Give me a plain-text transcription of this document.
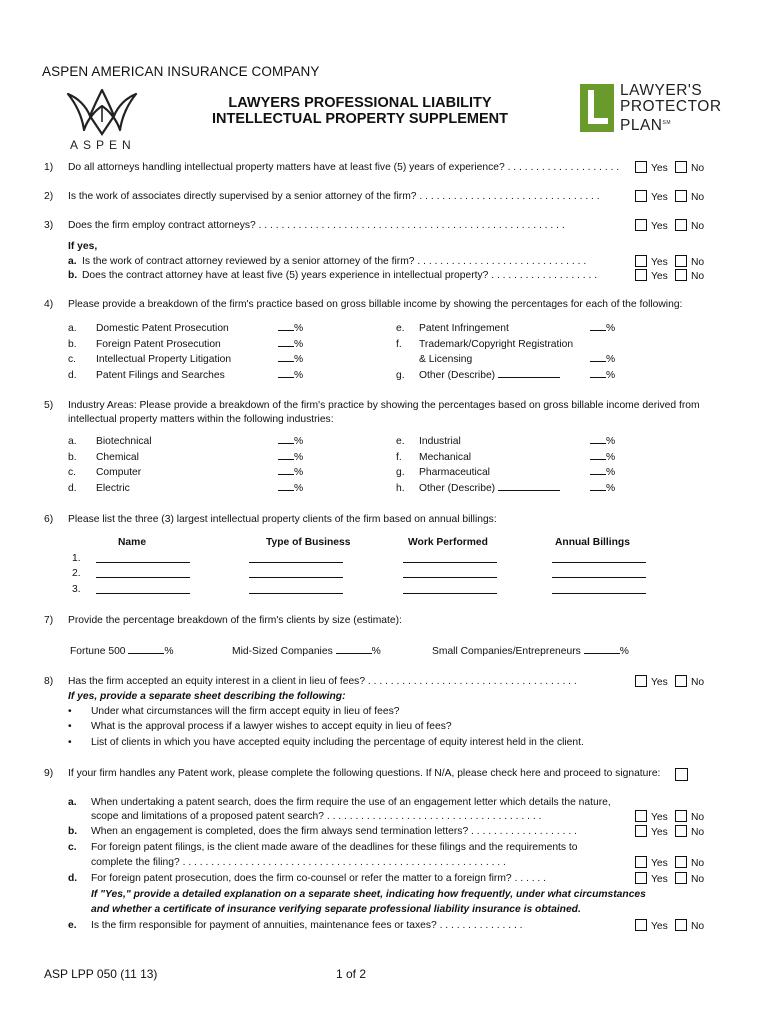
ASPEN AMERICAN INSURANCE COMPANY
ASPEN
LAWYERS PROFESSIONAL LIABILITY
INTELLECTUAL PROPERTY SUPPLEMENT
LAWYER'S
PROTECTOR
PLAN℠
1) Do all attorneys handling intellectual property matters have at least five (5) years of experience? . . . . . . . . . . . . . . . . . . . .	Yes	No
2) Is the work of associates directly supervised by a senior attorney of the firm? . . . . . . . . . . . . . . . . . . . . . . . . . . . . . . . .	Yes	No
3) Does the firm employ contract attorneys? . . . . . . . . . . . . . . . . . . . . . . . . . . . . . . . . . . . . . . . . . . . . . . . . . . . . . .	Yes	No
If yes,
a. Is the work of contract attorney reviewed by a senior attorney of the firm? . . . . . . . . . . . . . . . . . . . . . . . . . . . . . .	Yes	No
b. Does the contract attorney have at least five (5) years experience in intellectual property? . . . . . . . . . . . . . . . . . . .	Yes	No
4) Please provide a breakdown of the firm's practice based on gross billable income by showing the percentages for each of the following:
a. Domestic Patent Prosecution	%
b. Foreign Patent Prosecution	%
c. Intellectual Property Litigation	%
d. Patent Filings and Searches	%
e. Patent Infringement	%
f. Trademark/Copyright Registration
& Licensing	%
g. Other (Describe)	%
5) Industry Areas: Please provide a breakdown of the firm's practice by showing the percentages based on gross billable income derived from
intellectual property matters within the following industries:
a. Biotechnical	%
b. Chemical	%
c. Computer	%
d. Electric	%
e. Industrial	%
f. Mechanical	%
g. Pharmaceutical	%
h. Other (Describe)	%
6) Please list the three (3) largest intellectual property clients of the firm based on annual billings:
Name	Type of Business	Work Performed	Annual Billings
1.
2.
3.
7) Provide the percentage breakdown of the firm's clients by size (estimate):
Fortune 500	%	Mid-Sized Companies	%	Small Companies/Entrepreneurs	%
8) Has the firm accepted an equity interest in a client in lieu of fees? . . . . . . . . . . . . . . . . . . . . . . . . . . . . . . . . . . . . .	Yes	No
If yes, provide a separate sheet describing the following:
• Under what circumstances will the firm accept equity in lieu of fees?
• What is the approval process if a lawyer wishes to accept equity in lieu of fees?
• List of clients in which you have accepted equity including the percentage of equity interest held in the client.
9) If your firm handles any Patent work, please complete the following questions. If N/A, please check here and proceed to signature:
a. When undertaking a patent search, does the firm require the use of an engagement letter which details the nature,
scope and limitations of a proposed patent search? . . . . . . . . . . . . . . . . . . . . . . . . . . . . . . . . . . . . . .	Yes	No
b. When an engagement is completed, does the firm always send termination letters? . . . . . . . . . . . . . . . . . . .	Yes	No
c. For foreign patent filings, is the client made aware of the deadlines for these filings and the requirements to
complete the filing? . . . . . . . . . . . . . . . . . . . . . . . . . . . . . . . . . . . . . . . . . . . . . . . . . . . . . . . . .	Yes	No
d. For foreign patent prosecution, does the firm co-counsel or refer the matter to a foreign firm? . . . . . .	Yes	No
If "Yes," provide a detailed explanation on a separate sheet, indicating how frequently, under what circumstances
and whether a certificate of insurance verifying separate professional liability insurance is obtained.
e. Is the firm responsible for payment of annuities, maintenance fees or taxes? . . . . . . . . . . . . . . .	Yes	No
ASP LPP 050 (11 13)	1 of 2
